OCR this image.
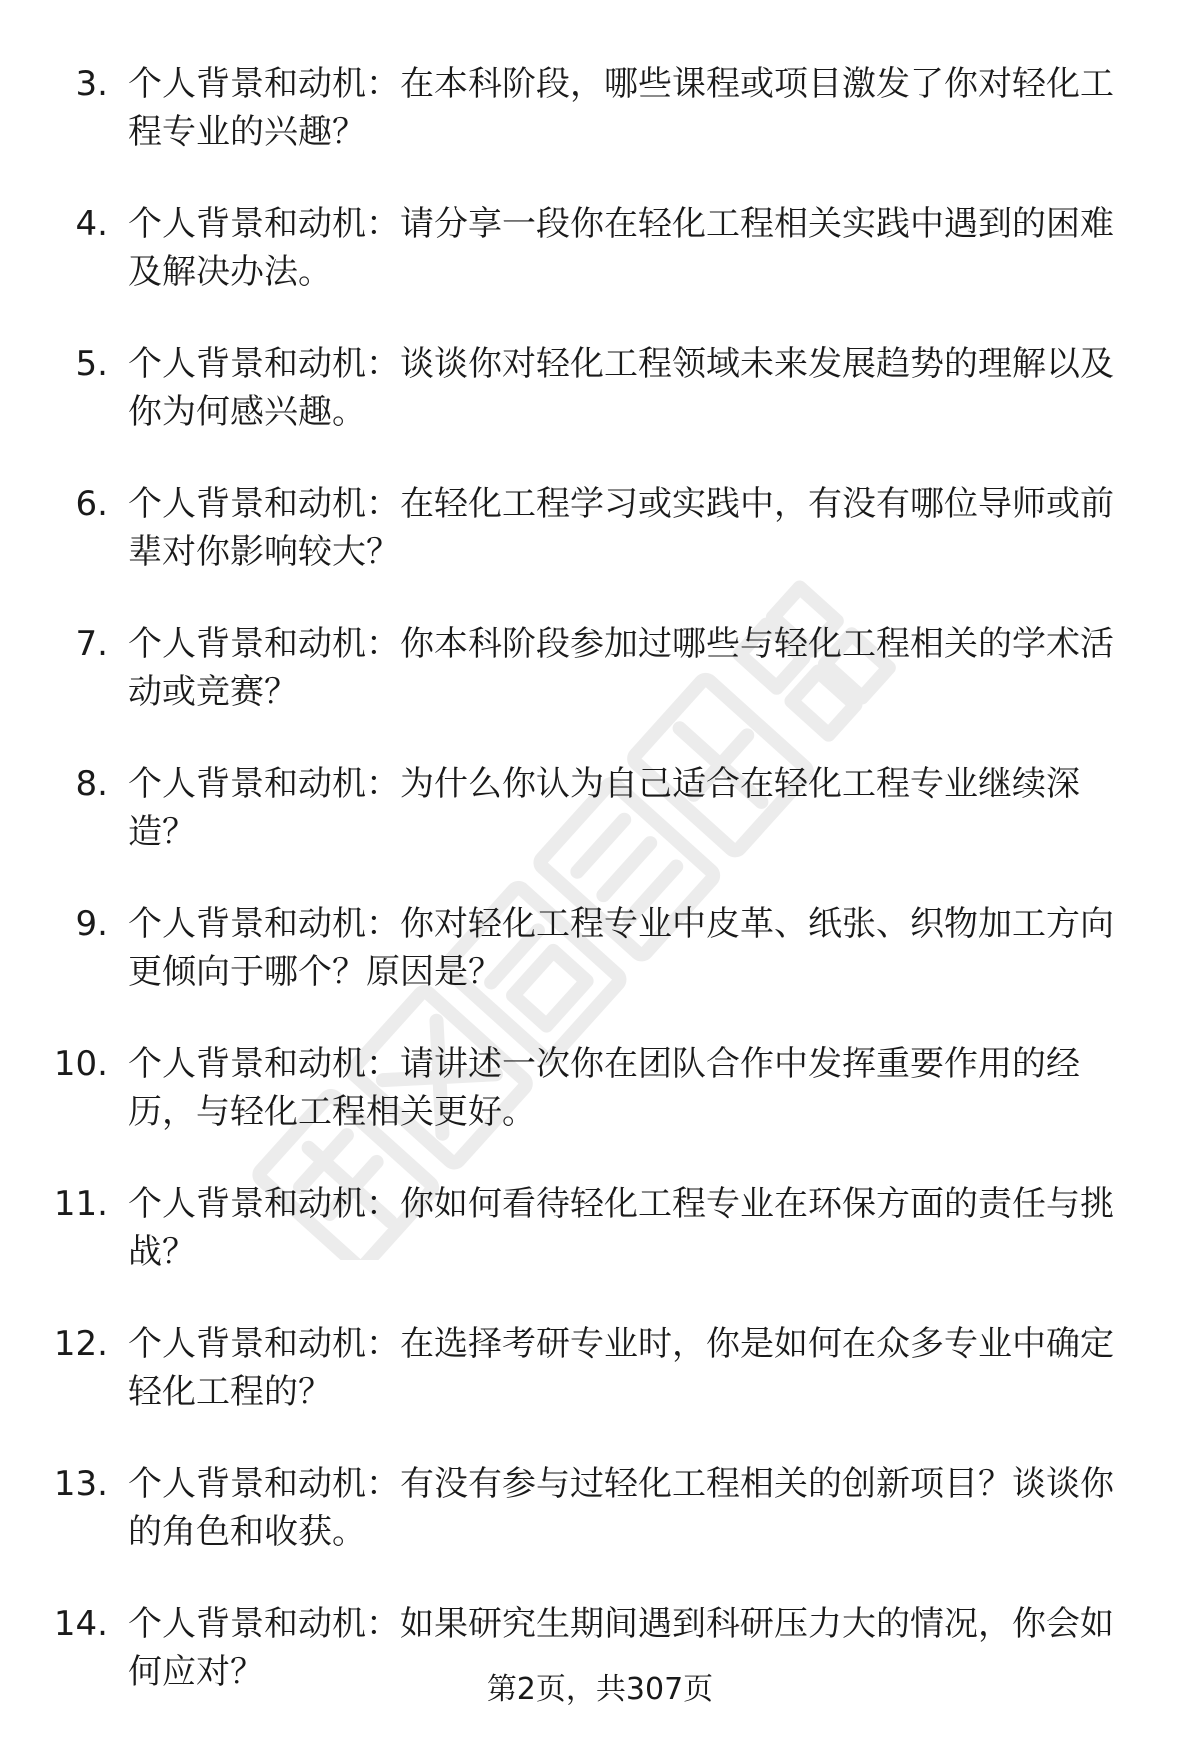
3. 个人背景和动机：在本科阶段，哪些课程或项目激发了你对轻化工程专业的兴趣？
4. 个人背景和动机：请分享一段你在轻化工程相关实践中遇到的困难及解决办法。
5. 个人背景和动机：谈谈你对轻化工程领域未来发展趋势的理解以及你为何感兴趣。
6. 个人背景和动机：在轻化工程学习或实践中，有没有哪位导师或前辈对你影响较大？
7. 个人背景和动机：你本科阶段参加过哪些与轻化工程相关的学术活动或竞赛？
8. 个人背景和动机：为什么你认为自己适合在轻化工程专业继续深造？
9. 个人背景和动机：你对轻化工程专业中皮革、纸张、织物加工方向更倾向于哪个？原因是？
10. 个人背景和动机：请讲述一次你在团队合作中发挥重要作用的经历，与轻化工程相关更好。
11. 个人背景和动机：你如何看待轻化工程专业在环保方面的责任与挑战？
12. 个人背景和动机：在选择考研专业时，你是如何在众多专业中确定轻化工程的？
13. 个人背景和动机：有没有参与过轻化工程相关的创新项目？谈谈你的角色和收获。
14. 个人背景和动机：如果研究生期间遇到科研压力大的情况，你会如何应对？	第2页，共307页
